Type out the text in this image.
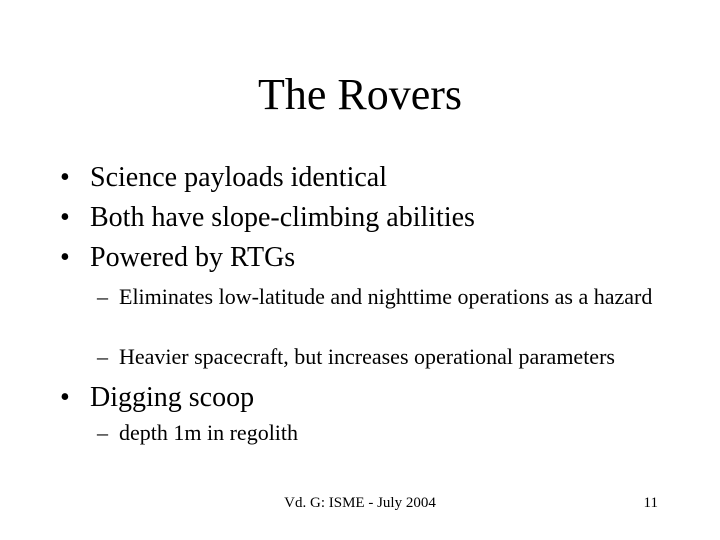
The Rovers
• Science payloads identical
• Both have slope-climbing abilities
• Powered by RTGs
– Eliminates low-latitude and nighttime operations as a hazard
– Heavier spacecraft, but increases operational parameters
• Digging scoop
– depth 1m in regolith
Vd. G: ISME - July 2004	11
